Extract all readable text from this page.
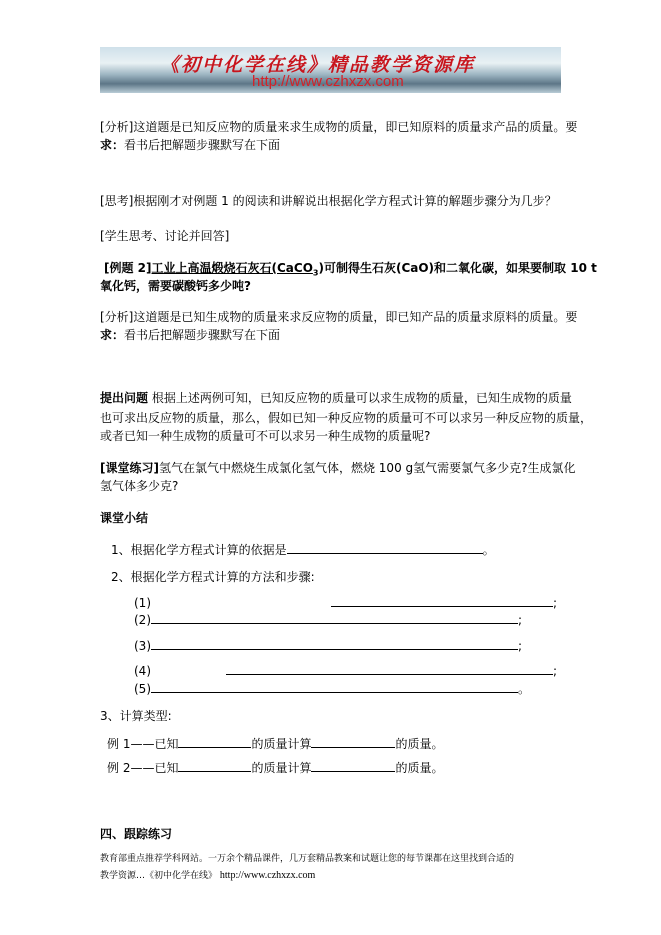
《初中化学在线》精品教学资源库
http://www.czhxzx.com
[分析]这道题是已知反应物的质量来求生成物的质量，即已知原料的质量求产品的质量。要
求：看书后把解题步骤默写在下面
[思考]根据刚才对例题 1 的阅读和讲解说出根据化学方程式计算的解题步骤分为几步？
[学生思考、讨论并回答]
[例题 2]工业上高温煅烧石灰石(CaCO$_3$)可制得生石灰(CaO)和二氧化碳，如果要制取 10 t
氧化钙，需要碳酸钙多少吨?
[分析]这道题是已知生成物的质量来求反应物的质量，即已知产品的质量求原料的质量。要
求：看书后把解题步骤默写在下面
提出问题 根据上述两例可知，已知反应物的质量可以求生成物的质量，已知生成物的质量
也可求出反应物的质量，那么，假如已知一种反应物的质量可不可以求另一种反应物的质量，
或者已知一种生成物的质量可不可以求另一种生成物的质量呢?
[课堂练习]氢气在氯气中燃烧生成氯化氢气体，燃烧 100 g氢气需要氯气多少克?生成氯化
氢气体多少克?
课堂小结
1、根据化学方程式计算的依据是	。
2、根据化学方程式计算的方法和步骤:
(1)	;
(2)	;
(3)	;
(4)	;
(5)	。
3、计算类型:
例 1——已知	的质量计算	的质量。
例 2——已知	的质量计算	的质量。
四、跟踪练习
教育部重点推荐学科网站。一万余个精品课件，几万套精品教案和试题让您的每节课都在这里找到合适的
教学资源…《初中化学在线》 http://www.czhxzx.com
